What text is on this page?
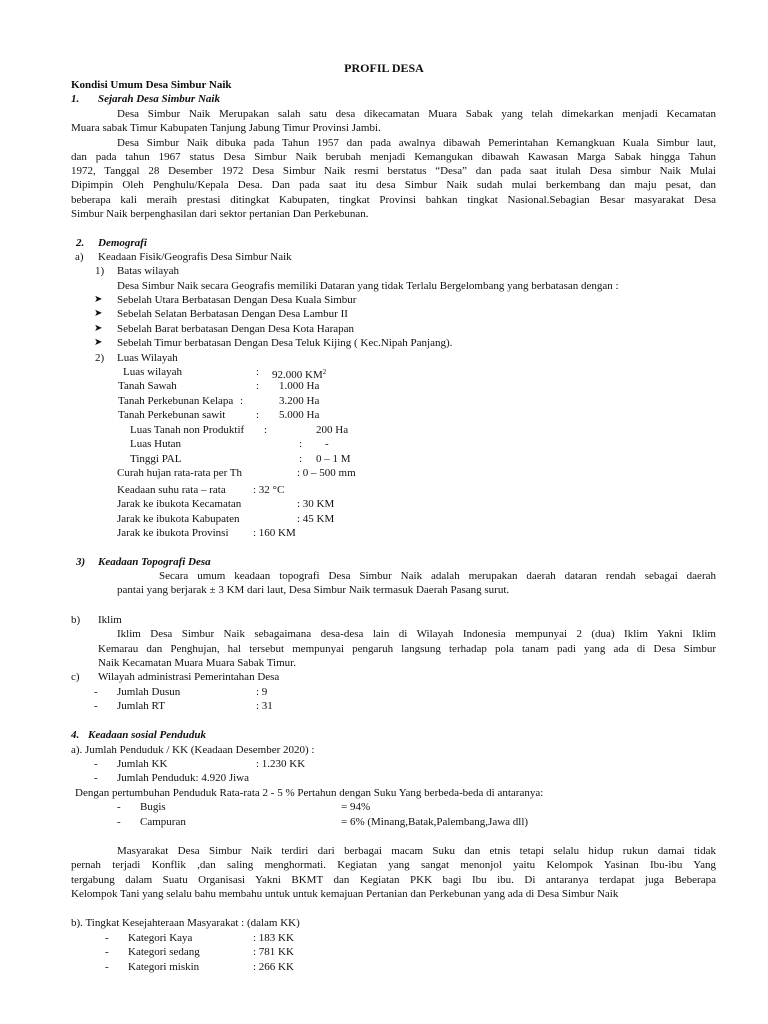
PROFIL DESA
Kondisi Umum Desa Simbur Naik
1. Sejarah Desa Simbur Naik
Desa Simbur Naik Merupakan salah satu desa dikecamatan Muara Sabak yang telah dimekarkan menjadi Kecamatan
Muara sabak Timur Kabupaten Tanjung Jabung Timur Provinsi Jambi.
Desa Simbur Naik dibuka pada Tahun 1957 dan pada awalnya dibawah Pemerintahan Kemangkuan Kuala Simbur laut,
dan pada tahun 1967 status Desa Simbur Naik berubah menjadi Kemangukan dibawah Kawasan Marga Sabak hingga Tahun
1972, Tanggal 28 Desember 1972 Desa Simbur Naik resmi berstatus “Desa” dan pada saat itulah Desa simbur Naik Mulai
Dipimpin Oleh Penghulu/Kepala Desa. Dan pada saat itu desa Simbur Naik sudah mulai berkembang dan maju pesat, dan
beberapa kali meraih prestasi ditingkat Kabupaten, tingkat Provinsi bahkan tingkat Nasional.Sebagian Besar masyarakat Desa
Simbur Naik berpenghasilan dari sektor pertanian Dan Perkebunan.
2. Demografi
a) Keadaan Fisik/Geografis Desa Simbur Naik
1) Batas wilayah
Desa Simbur Naik secara Geografis memiliki Dataran yang tidak Terlalu Bergelombang yang berbatasan dengan :
➤ Sebelah Utara Berbatasan Dengan Desa Kuala Simbur
➤ Sebelah Selatan Berbatasan Dengan Desa Lambur II
➤ Sebelah Barat berbatasan Dengan Desa Kota Harapan
➤ Sebelah Timur berbatasan Dengan Desa Teluk Kijing ( Kec.Nipah Panjang).
2) Luas Wilayah
Luas wilayah	: 92.000 $KM^2$
Tanah Sawah	: 1.000 Ha
Tanah Perkebunan Kelapa :	3.200 Ha
Tanah Perkebunan sawit	: 5.000 Ha
Luas Tanah non Produktif :	200 Ha
Luas Hutan	: -
Tinggi PAL	: 0 – 1 M
Curah hujan rata-rata per Th	: 0 – 500 mm
Keadaan suhu rata – rata : 32 °C
Jarak ke ibukota Kecamatan	: 30 KM
Jarak ke ibukota Kabupaten	: 45 KM
Jarak ke ibukota Provinsi : 160 KM
3) Keadaan Topografi Desa
Secara umum keadaan topografi Desa Simbur Naik adalah merupakan daerah dataran rendah sebagai daerah
pantai yang berjarak ± 3 KM dari laut, Desa Simbur Naik termasuk Daerah Pasang surut.
b) Iklim
Iklim Desa Simbur Naik sebagaimana desa-desa lain di Wilayah Indonesia mempunyai 2 (dua) Iklim Yakni Iklim
Kemarau dan Penghujan, hal tersebut mempunyai pengaruh langsung terhadap pola tanam padi yang ada di Desa Simbur
Naik Kecamatan Muara Muara Sabak Timur.
c) Wilayah administrasi Pemerintahan Desa
- Jumlah Dusun	: 9
- Jumlah RT	: 31
4. Keadaan sosial Penduduk
a). Jumlah Penduduk / KK (Keadaan Desember 2020) :
- Jumlah KK	: 1.230 KK
- Jumlah Penduduk: 4.920 Jiwa
Dengan pertumbuhan Penduduk Rata-rata 2 - 5 % Pertahun dengan Suku Yang berbeda-beda di antaranya:
- Bugis	= 94%
- Campuran	= 6% (Minang,Batak,Palembang,Jawa dll)
Masyarakat Desa Simbur Naik terdiri dari berbagai macam Suku dan etnis tetapi selalu hidup rukun damai tidak
pernah terjadi Konflik ,dan saling menghormati. Kegiatan yang sangat menonjol yaitu Kelompok Yasinan Ibu-ibu Yang
tergabung dalam Suatu Organisasi Yakni BKMT dan Kegiatan PKK bagi Ibu ibu. Di antaranya terdapat juga Beberapa
Kelompok Tani yang selalu bahu membahu untuk untuk kemajuan Pertanian dan Perkebunan yang ada di Desa Simbur Naik
b). Tingkat Kesejahteraan Masyarakat : (dalam KK)
- Kategori Kaya	: 183 KK
- Kategori sedang	: 781 KK
- Kategori miskin	: 266 KK
